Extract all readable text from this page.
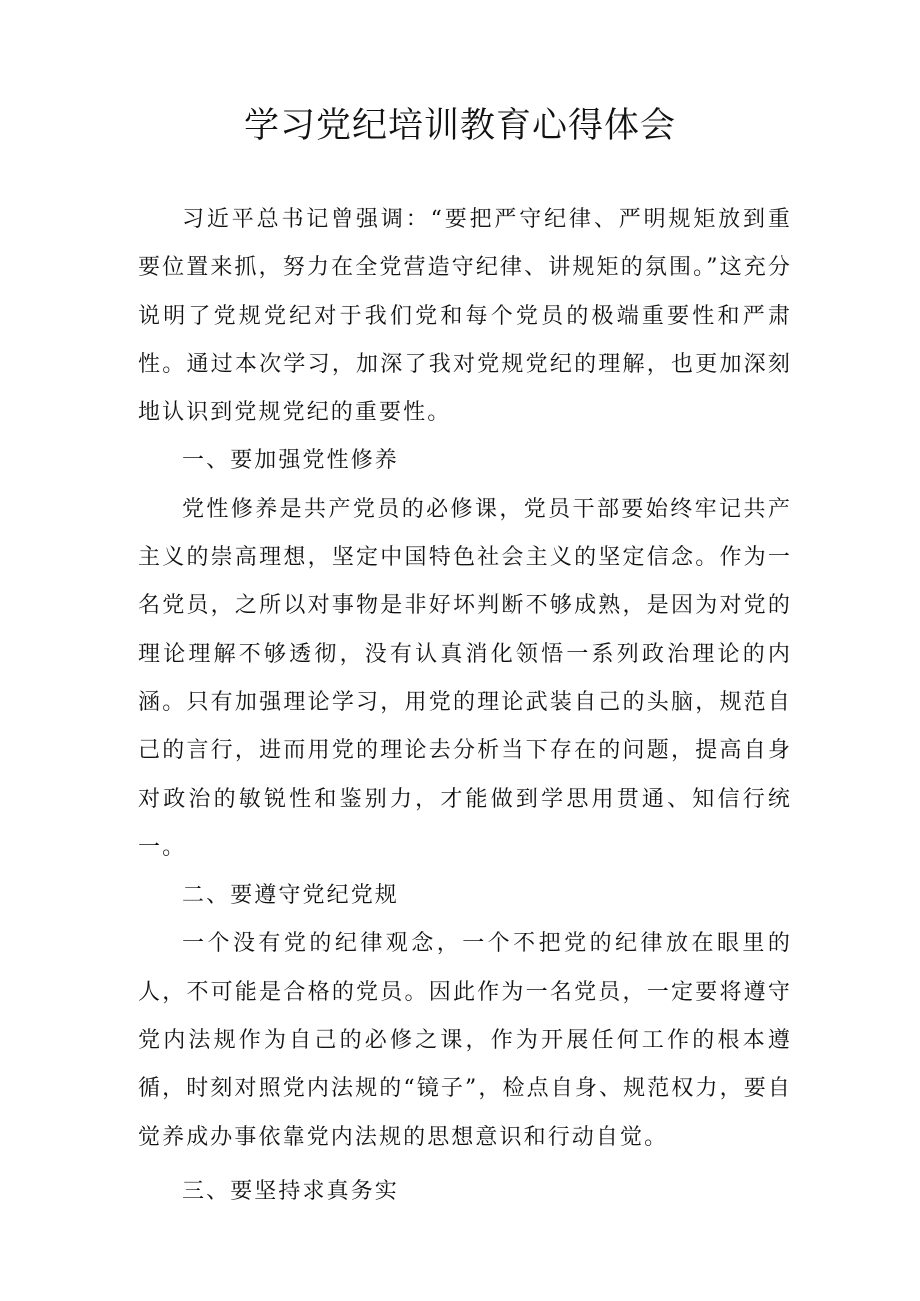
学习党纪培训教育心得体会

习近平总书记曾强调：“要把严守纪律、严明规矩放到重要位置来抓，努力在全党营造守纪律、讲规矩的氛围。”这充分说明了党规党纪对于我们党和每个党员的极端重要性和严肃性。通过本次学习，加深了我对党规党纪的理解，也更加深刻地认识到党规党纪的重要性。

一、要加强党性修养

党性修养是共产党员的必修课，党员干部要始终牢记共产主义的崇高理想，坚定中国特色社会主义的坚定信念。作为一名党员，之所以对事物是非好坏判断不够成熟，是因为对党的理论理解不够透彻，没有认真消化领悟一系列政治理论的内涵。只有加强理论学习，用党的理论武装自己的头脑，规范自己的言行，进而用党的理论去分析当下存在的问题，提高自身对政治的敏锐性和鉴别力，才能做到学思用贯通、知信行统一。

二、要遵守党纪党规

一个没有党的纪律观念，一个不把党的纪律放在眼里的人，不可能是合格的党员。因此作为一名党员，一定要将遵守党内法规作为自己的必修之课，作为开展任何工作的根本遵循，时刻对照党内法规的“镜子”，检点自身、规范权力，要自觉养成办事依靠党内法规的思想意识和行动自觉。

三、要坚持求真务实
